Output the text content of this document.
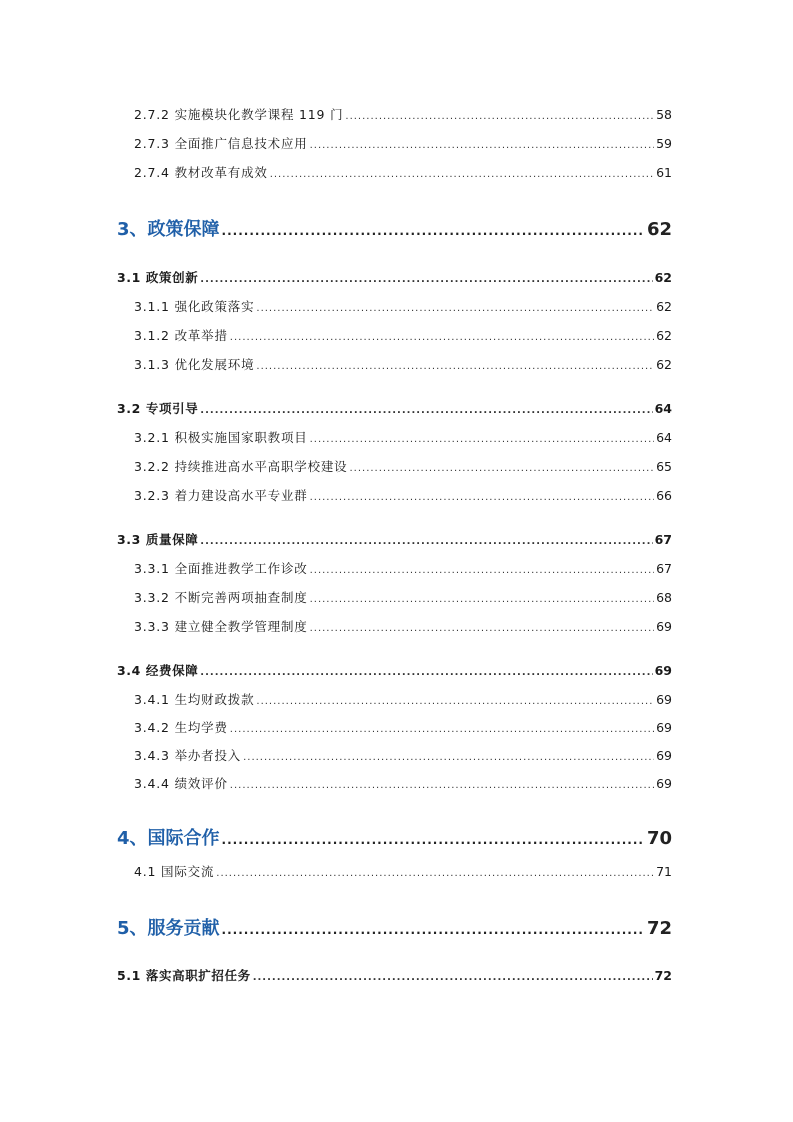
2.7.2 实施模块化教学课程 119 门 .....	58
2.7.3 全面推广信息技术应用 .....	59
2.7.4 教材改革有成效 .....	61
3、政策保障 .....	62
3.1 政策创新 .....	62
3.1.1 强化政策落实 .....	62
3.1.2 改革举措 .....	62
3.1.3 优化发展环境 .....	62
3.2 专项引导 .....	64
3.2.1 积极实施国家职教项目 .....	64
3.2.2 持续推进高水平高职学校建设 .....	65
3.2.3 着力建设高水平专业群 .....	66
3.3 质量保障 .....	67
3.3.1 全面推进教学工作诊改 .....	67
3.3.2 不断完善两项抽查制度 .....	68
3.3.3 建立健全教学管理制度 .....	69
3.4 经费保障 .....	69
3.4.1 生均财政拨款 .....	69
3.4.2 生均学费 .....	69
3.4.3 举办者投入 .....	69
3.4.4 绩效评价 .....	69
4、国际合作 .....	70
4.1 国际交流 .....	71
5、服务贡献 .....	72
5.1 落实高职扩招任务 .....	72
